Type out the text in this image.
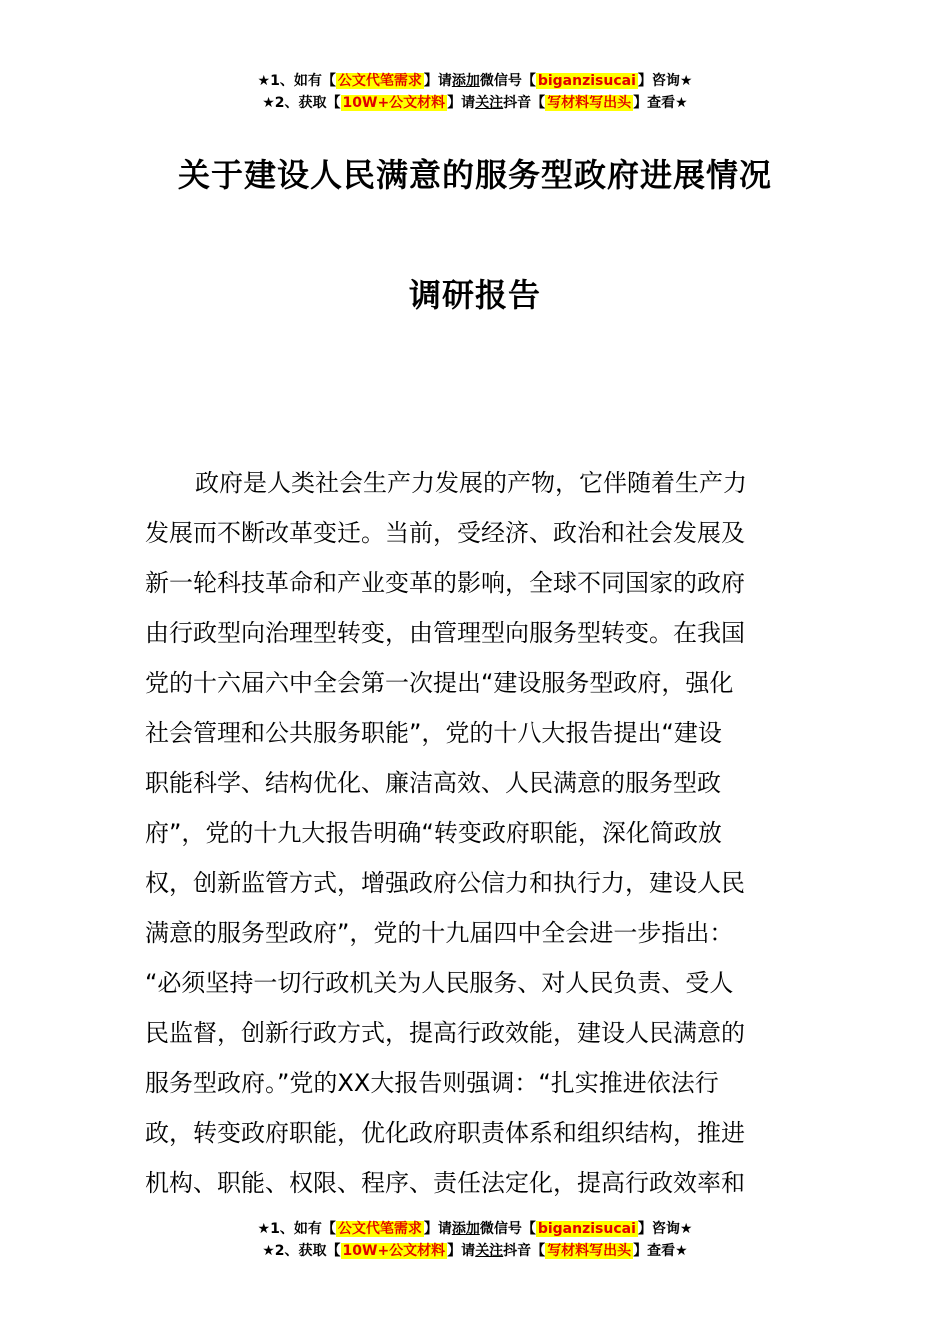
★1、如有【 公文代笔需求 】请添加微信号【 biganzisucai 】咨询★
★2、获取【 10W+公文材料 】请关注抖音【 写材料写出头 】查看★
关于建设人民满意的服务型政府进展情况
调研报告
政府是人类社会生产力发展的产物，它伴随着生产力
发展而不断改革变迁。当前，受经济、政治和社会发展及
新一轮科技革命和产业变革的影响，全球不同国家的政府
由行政型向治理型转变，由管理型向服务型转变。在我国
党的十六届六中全会第一次提出“建设服务型政府，强化
社会管理和公共服务职能”，党的十八大报告提出“建设
职能科学、结构优化、廉洁高效、人民满意的服务型政
府”，党的十九大报告明确“转变政府职能，深化简政放
权，创新监管方式，增强政府公信力和执行力，建设人民
满意的服务型政府”，党的十九届四中全会进一步指出：
“必须坚持一切行政机关为人民服务、对人民负责、受人
民监督，创新行政方式，提高行政效能，建设人民满意的
服务型政府。”党的XX大报告则强调：“扎实推进依法行
政，转变政府职能，优化政府职责体系和组织结构，推进
机构、职能、权限、程序、责任法定化，提高行政效率和
★1、如有【 公文代笔需求 】请添加微信号【 biganzisucai 】咨询★
★2、获取【 10W+公文材料 】请关注抖音【 写材料写出头 】查看★
